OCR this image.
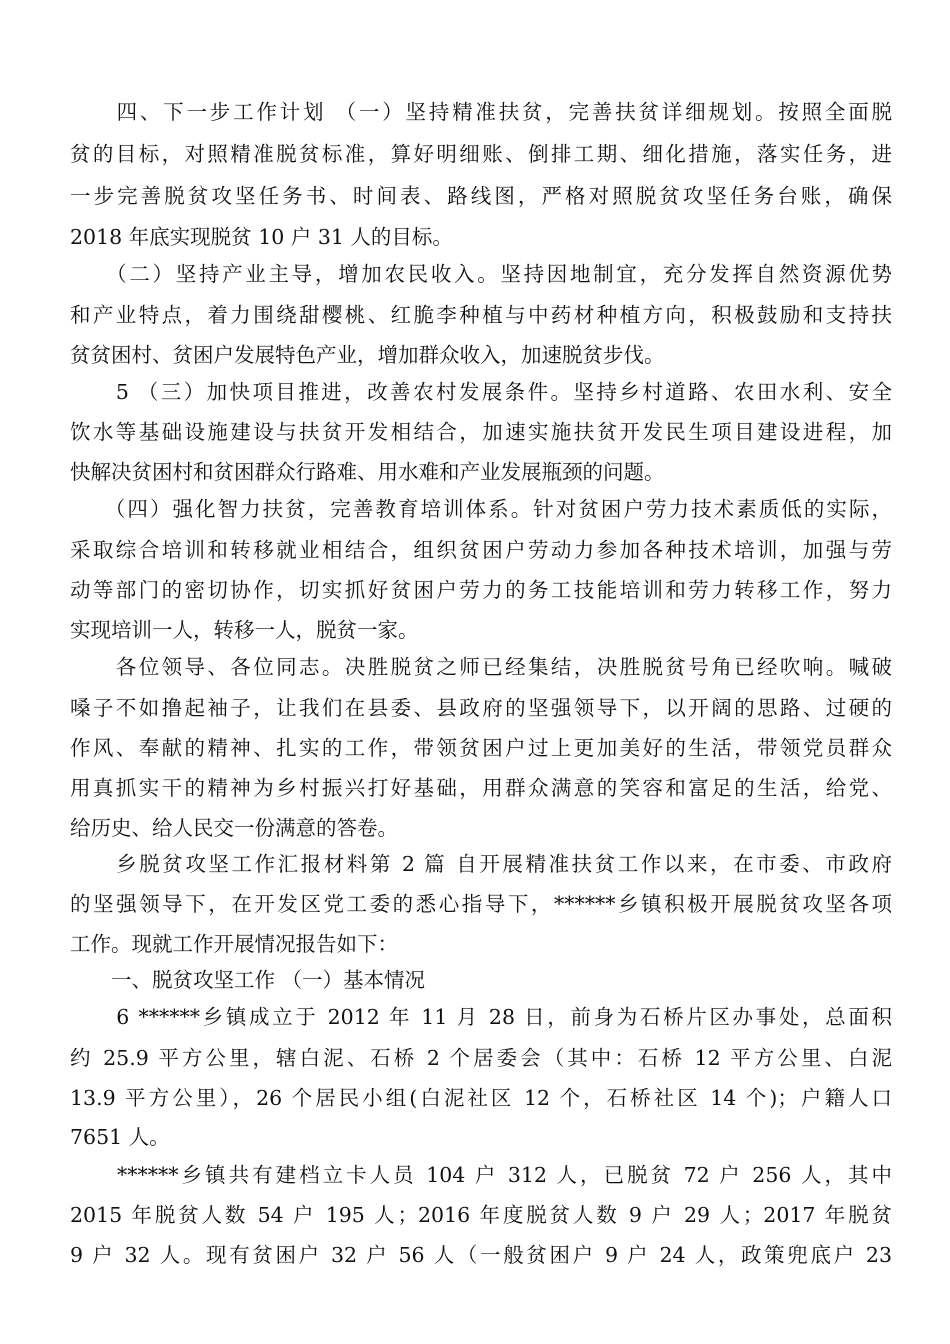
　　四、下一步工作计划 （一）坚持精准扶贫，完善扶贫详细规划。按照全面脱
贫的目标，对照精准脱贫标准，算好明细账、倒排工期、细化措施，落实任务，进
一步完善脱贫攻坚任务书、时间表、路线图，严格对照脱贫攻坚任务台账，确保
2018 年底实现脱贫 10 户 31 人的目标。
　　（二）坚持产业主导，增加农民收入。坚持因地制宜，充分发挥自然资源优势
和产业特点，着力围绕甜樱桃、红脆李种植与中药材种植方向，积极鼓励和支持扶
贫贫困村、贫困户发展特色产业，增加群众收入，加速脱贫步伐。
　　5 （三）加快项目推进，改善农村发展条件。坚持乡村道路、农田水利、安全
饮水等基础设施建设与扶贫开发相结合，加速实施扶贫开发民生项目建设进程，加
快解决贫困村和贫困群众行路难、用水难和产业发展瓶颈的问题。
　　（四）强化智力扶贫，完善教育培训体系。针对贫困户劳力技术素质低的实际，
采取综合培训和转移就业相结合，组织贫困户劳动力参加各种技术培训，加强与劳
动等部门的密切协作，切实抓好贫困户劳力的务工技能培训和劳力转移工作，努力
实现培训一人，转移一人，脱贫一家。
　　各位领导、各位同志。决胜脱贫之师已经集结，决胜脱贫号角已经吹响。喊破
嗓子不如撸起袖子，让我们在县委、县政府的坚强领导下，以开阔的思路、过硬的
作风、奉献的精神、扎实的工作，带领贫困户过上更加美好的生活，带领党员群众
用真抓实干的精神为乡村振兴打好基础，用群众满意的笑容和富足的生活，给党、
给历史、给人民交一份满意的答卷。
　　乡脱贫攻坚工作汇报材料第 2 篇 自开展精准扶贫工作以来，在市委、市政府
的坚强领导下，在开发区党工委的悉心指导下，******乡镇积极开展脱贫攻坚各项
工作。现就工作开展情况报告如下：
　　一、脱贫攻坚工作 （一）基本情况
　　6 ******乡镇成立于 2012 年 11 月 28 日，前身为石桥片区办事处，总面积
约 25.9 平方公里，辖白泥、石桥 2 个居委会（其中：石桥 12 平方公里、白泥
13.9 平方公里），26 个居民小组(白泥社区 12 个，石桥社区 14 个)；户籍人口
7651 人。
　　******乡镇共有建档立卡人员 104 户 312 人，已脱贫 72 户 256 人，其中
2015 年脱贫人数 54 户 195 人；2016 年度脱贫人数 9 户 29 人；2017 年脱贫
9 户 32 人。现有贫困户 32 户 56 人（一般贫困户 9 户 24 人，政策兜底户 23
